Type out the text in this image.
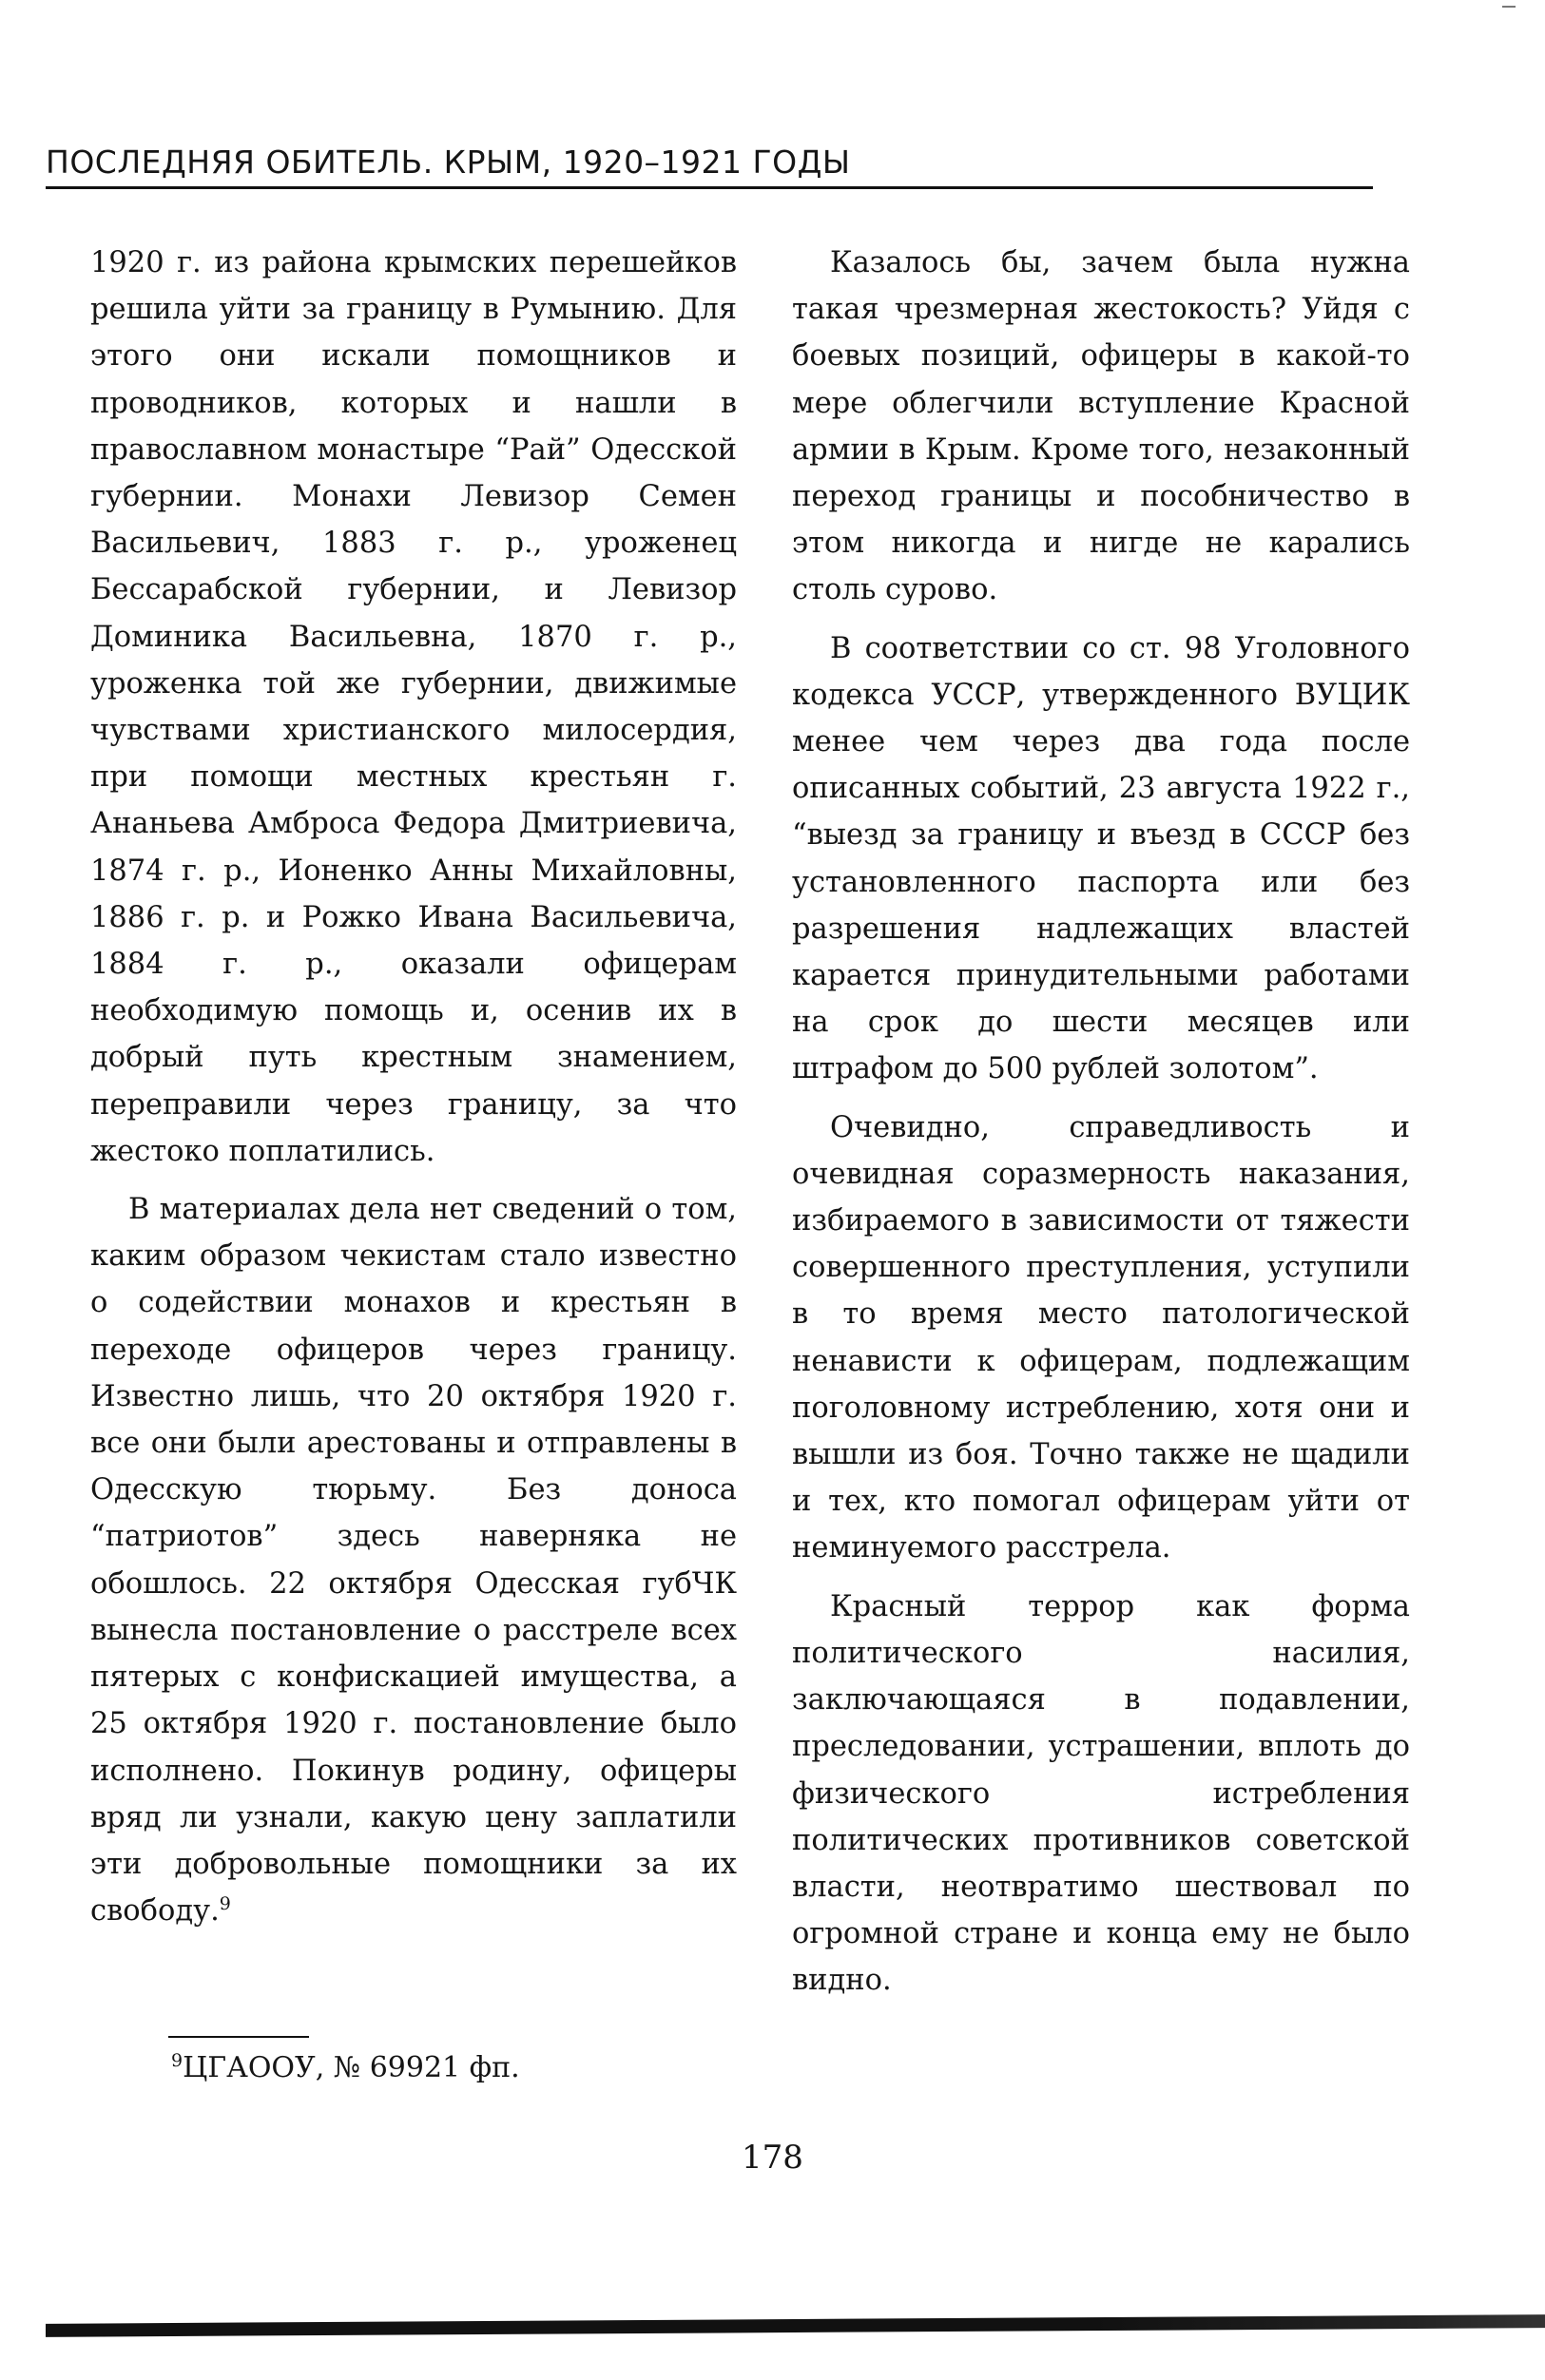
ПОСЛЕДНЯЯ ОБИТЕЛЬ. КРЫМ, 1920–1921 ГОДЫ

1920 г. из района крымских перешейков решила уйти за границу в Румынию. Для этого они искали помощников и проводников, которых и нашли в православном монастыре “Рай” Одесской губернии. Монахи Левизор Семен Васильевич, 1883 г. р., уроженец Бессарабской губернии, и Левизор Доминика Васильевна, 1870 г. р., уроженка той же губернии, движимые чувствами христианского милосердия, при помощи местных крестьян г. Ананьева Амброса Федора Дмитриевича, 1874 г. р., Ионенко Анны Михайловны, 1886 г. р. и Рожко Ивана Васильевича, 1884 г. р., оказали офицерам необходимую помощь и, осенив их в добрый путь крестным знамением, переправили через границу, за что жестоко поплатились.

В материалах дела нет сведений о том, каким образом чекистам стало известно о содействии монахов и крестьян в переходе офицеров через границу. Известно лишь, что 20 октября 1920 г. все они были арестованы и отправлены в Одесскую тюрьму. Без доноса “патриотов” здесь наверняка не обошлось. 22 октября Одесская губЧК вынесла постановление о расстреле всех пятерых с конфискацией имущества, а 25 октября 1920 г. постановление было исполнено. Покинув родину, офицеры вряд ли узнали, какую цену заплатили эти добровольные помощники за их свободу.$^9$

Казалось бы, зачем была нужна такая чрезмерная жестокость? Уйдя с боевых позиций, офицеры в какой-то мере облегчили вступление Красной армии в Крым. Кроме того, незаконный переход границы и пособничество в этом никогда и нигде не карались столь сурово.

В соответствии со ст. 98 Уголовного кодекса УССР, утвержденного ВУЦИК менее чем через два года после описанных событий, 23 августа 1922 г., “выезд за границу и въезд в СССР без установленного паспорта или без разрешения надлежащих властей карается принудительными работами на срок до шести месяцев или штрафом до 500 рублей золотом”.

Очевидно, справедливость и очевидная соразмерность наказания, избираемого в зависимости от тяжести совершенного преступления, уступили в то время место патологической ненависти к офицерам, подлежащим поголовному истреблению, хотя они и вышли из боя. Точно также не щадили и тех, кто помогал офицерам уйти от неминуемого расстрела.

Красный террор как форма политического насилия, заключающаяся в подавлении, преследовании, устрашении, вплоть до физического истребления политических противников советской власти, неотвратимо шествовал по огромной стране и конца ему не было видно.

$^9$ЦГАООУ, № 69921 фп.
178
